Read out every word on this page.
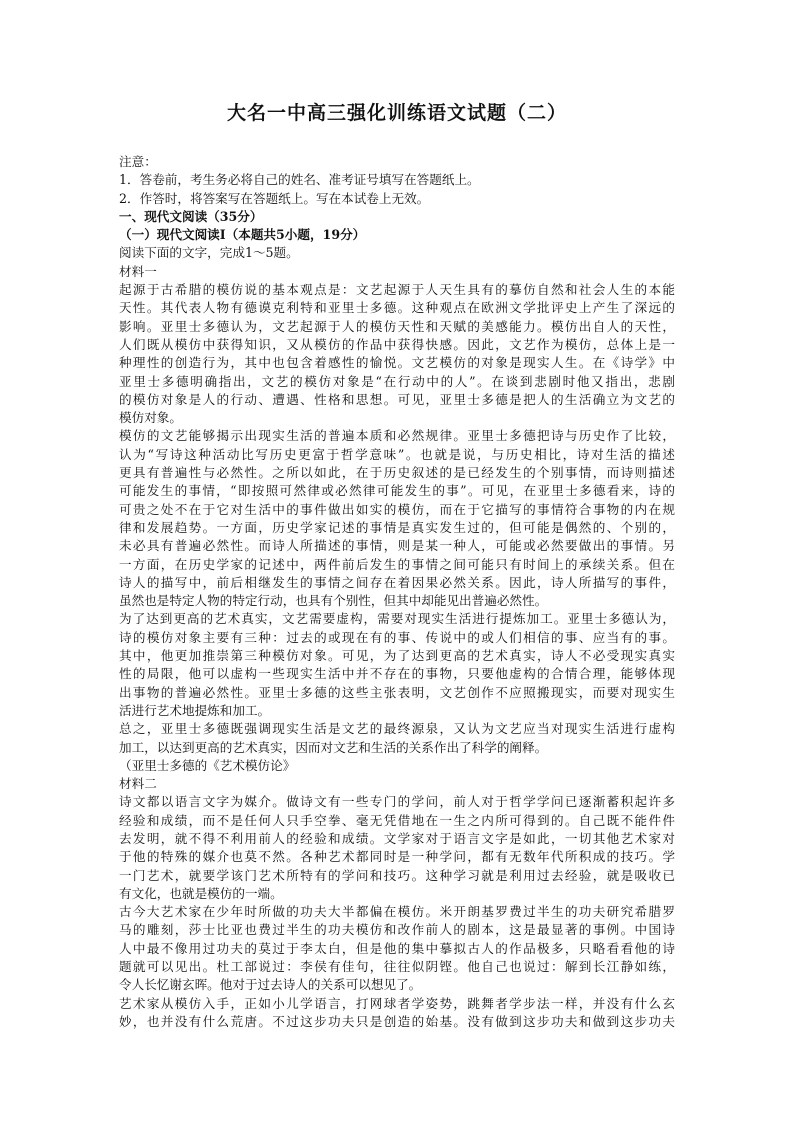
大名一中高三强化训练语文试题（二）
注意：
1．答卷前，考生务必将自己的姓名、准考证号填写在答题纸上。
2．作答时，将答案写在答题纸上。写在本试卷上无效。
一、现代文阅读（35分）
（一）现代文阅读Ⅰ（本题共5小题，19分）
阅读下面的文字，完成1～5题。
材料一
起源于古希腊的模仿说的基本观点是：文艺起源于人天生具有的摹仿自然和社会人生的本能
天性。其代表人物有德谟克利特和亚里士多德。这种观点在欧洲文学批评史上产生了深远的
影响。亚里士多德认为，文艺起源于人的模仿天性和天赋的美感能力。模仿出自人的天性，
人们既从模仿中获得知识，又从模仿的作品中获得快感。因此，文艺作为模仿，总体上是一
种理性的创造行为，其中也包含着感性的愉悦。文艺模仿的对象是现实人生。在《诗学》中
亚里士多德明确指出，文艺的模仿对象是“在行动中的人”。在谈到悲剧时他又指出，悲剧
的模仿对象是人的行动、遭遇、性格和思想。可见，亚里士多德是把人的生活确立为文艺的
模仿对象。
模仿的文艺能够揭示出现实生活的普遍本质和必然规律。亚里士多德把诗与历史作了比较，
认为“写诗这种活动比写历史更富于哲学意味”。也就是说，与历史相比，诗对生活的描述
更具有普遍性与必然性。之所以如此，在于历史叙述的是已经发生的个别事情，而诗则描述
可能发生的事情，“即按照可然律或必然律可能发生的事”。可见，在亚里士多德看来，诗的
可贵之处不在于它对生活中的事件做出如实的模仿，而在于它描写的事情符合事物的内在规
律和发展趋势。一方面，历史学家记述的事情是真实发生过的，但可能是偶然的、个别的，
未必具有普遍必然性。而诗人所描述的事情，则是某一种人，可能或必然要做出的事情。另
一方面，在历史学家的记述中，两件前后发生的事情之间可能只有时间上的承续关系。但在
诗人的描写中，前后相继发生的事情之间存在着因果必然关系。因此，诗人所描写的事件，
虽然也是特定人物的特定行动，也具有个别性，但其中却能见出普遍必然性。
为了达到更高的艺术真实，文艺需要虚构，需要对现实生活进行提炼加工。亚里士多德认为，
诗的模仿对象主要有三种：过去的或现在有的事、传说中的或人们相信的事、应当有的事。
其中，他更加推崇第三种模仿对象。可见，为了达到更高的艺术真实，诗人不必受现实真实
性的局限，他可以虚构一些现实生活中并不存在的事物，只要他虚构的合情合理，能够体现
出事物的普遍必然性。亚里士多德的这些主张表明，文艺创作不应照搬现实，而要对现实生
活进行艺术地提炼和加工。
总之，亚里士多德既强调现实生活是文艺的最终源泉，又认为文艺应当对现实生活进行虚构
加工，以达到更高的艺术真实，因而对文艺和生活的关系作出了科学的阐释。
（亚里士多德的《艺术模仿论》
材料二
诗文都以语言文字为媒介。做诗文有一些专门的学问，前人对于哲学学问已逐渐蓄积起许多
经验和成绩，而不是任何人只手空拳、毫无凭借地在一生之内所可得到的。自己既不能件件
去发明，就不得不利用前人的经验和成绩。文学家对于语言文字是如此，一切其他艺术家对
于他的特殊的媒介也莫不然。各种艺术都同时是一种学问，都有无数年代所积成的技巧。学
一门艺术，就要学该门艺术所特有的学问和技巧。这种学习就是利用过去经验，就是吸收已
有文化，也就是模仿的一端。
古今大艺术家在少年时所做的功夫大半都偏在模仿。米开朗基罗费过半生的功夫研究希腊罗
马的雕刻，莎士比亚也费过半生的功夫模仿和改作前人的剧本，这是最显著的事例。中国诗
人中最不像用过功夫的莫过于李太白，但是他的集中摹拟古人的作品极多，只略看看他的诗
题就可以见出。杜工部说过：李侯有佳句，往往似阴铿。他自己也说过：解到长江静如练，
令人长忆谢玄晖。他对于过去诗人的关系可以想见了。
艺术家从模仿入手，正如小儿学语言，打网球者学姿势，跳舞者学步法一样，并没有什么玄
妙，也并没有什么荒唐。不过这步功夫只是创造的始基。没有做到这步功夫和做到这步功夫
